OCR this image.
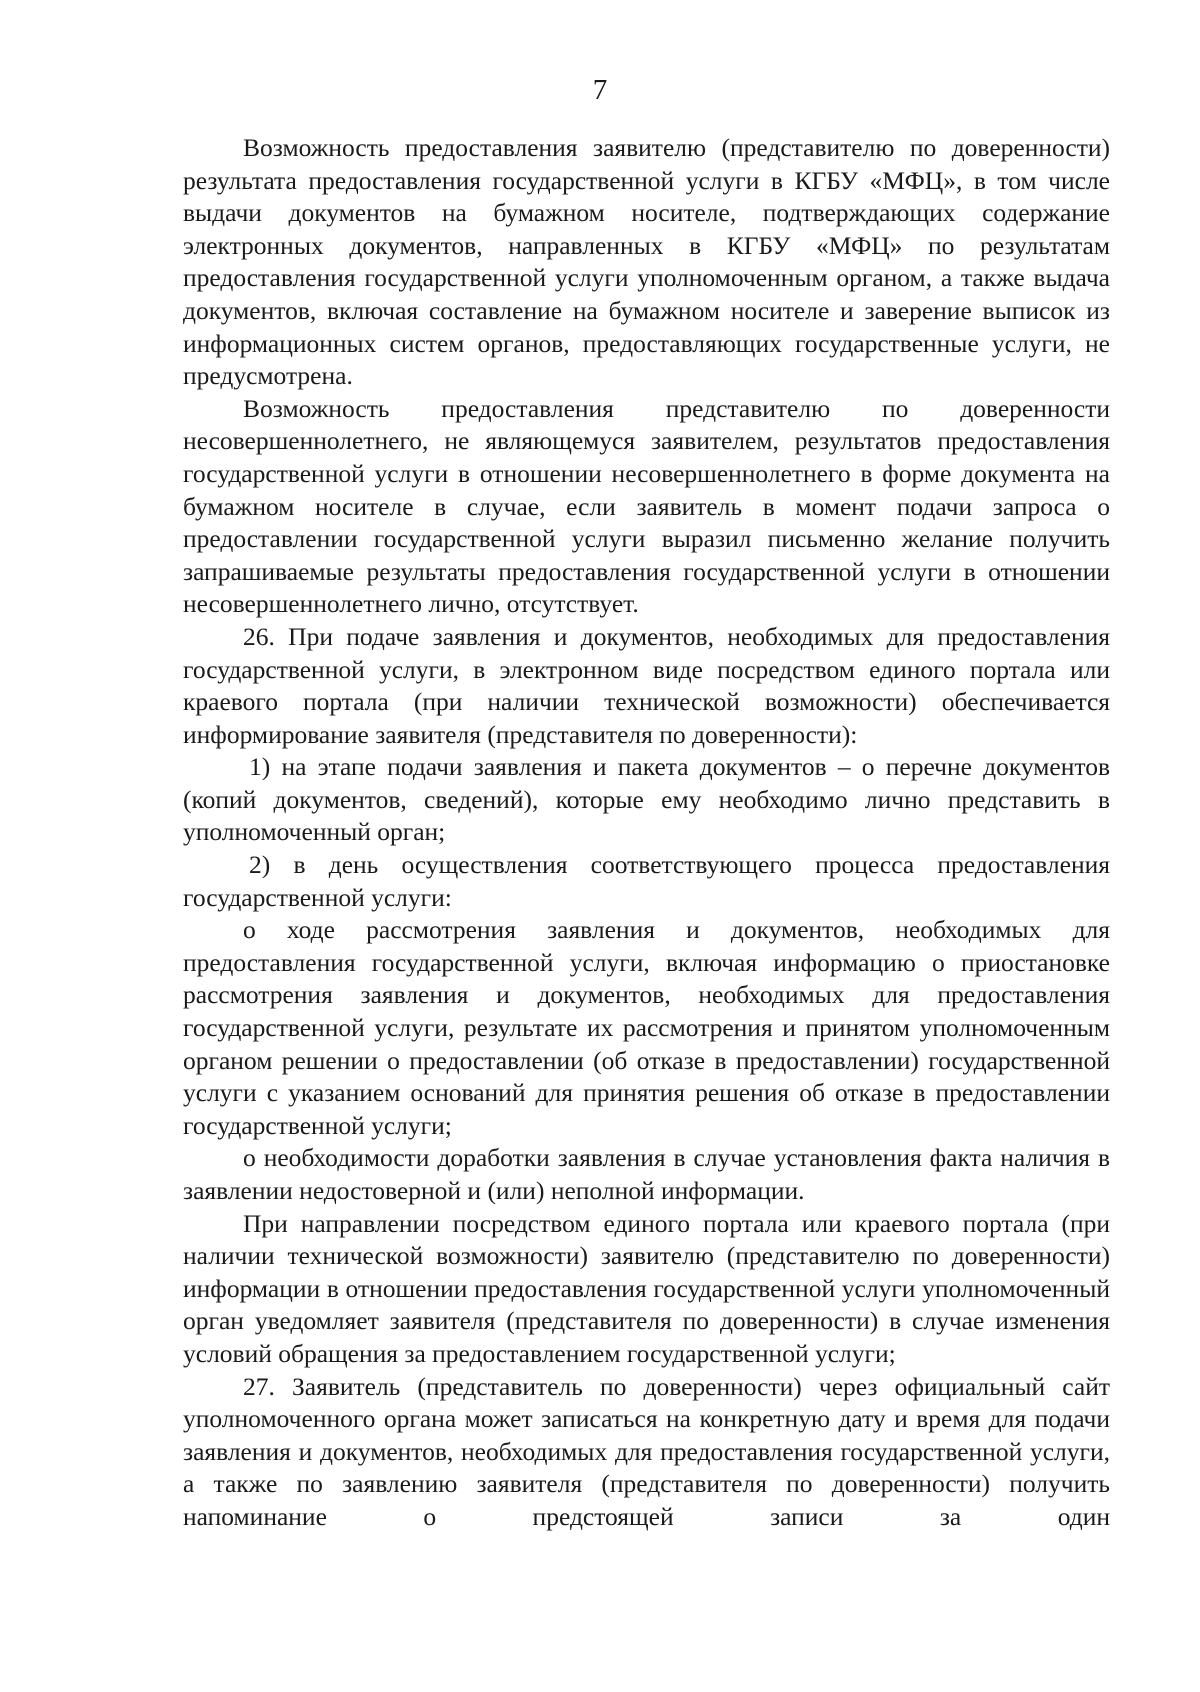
7

Возможность предоставления заявителю (представителю по доверенности) результата предоставления государственной услуги в КГБУ «МФЦ», в том числе выдачи документов на бумажном носителе, подтверждающих содержание электронных документов, направленных в КГБУ «МФЦ» по результатам предоставления государственной услуги уполномоченным органом, а также выдача документов, включая составление на бумажном носителе и заверение выписок из информационных систем органов, предоставляющих государственные услуги, не предусмотрена.

Возможность предоставления представителю по доверенности несовершеннолетнего, не являющемуся заявителем, результатов предоставления государственной услуги в отношении несовершеннолетнего в форме документа на бумажном носителе в случае, если заявитель в момент подачи запроса о предоставлении государственной услуги выразил письменно желание получить запрашиваемые результаты предоставления государственной услуги в отношении несовершеннолетнего лично, отсутствует.

26. При подаче заявления и документов, необходимых для предоставления государственной услуги, в электронном виде посредством единого портала или краевого портала (при наличии технической возможности) обеспечивается информирование заявителя (представителя по доверенности):

1) на этапе подачи заявления и пакета документов – о перечне документов (копий документов, сведений), которые ему необходимо лично представить в уполномоченный орган;

2) в день осуществления соответствующего процесса предоставления государственной услуги:

о ходе рассмотрения заявления и документов, необходимых для предоставления государственной услуги, включая информацию о приостановке рассмотрения заявления и документов, необходимых для предоставления государственной услуги, результате их рассмотрения и принятом уполномоченным органом решении о предоставлении (об отказе в предоставлении) государственной услуги с указанием оснований для принятия решения об отказе в предоставлении государственной услуги;

о необходимости доработки заявления в случае установления факта наличия в заявлении недостоверной и (или) неполной информации.

При направлении посредством единого портала или краевого портала (при наличии технической возможности) заявителю (представителю по доверенности) информации в отношении предоставления государственной услуги уполномоченный орган уведомляет заявителя (представителя по доверенности) в случае изменения условий обращения за предоставлением государственной услуги;

27. Заявитель (представитель по доверенности) через официальный сайт уполномоченного органа может записаться на конкретную дату и время для подачи заявления и документов, необходимых для предоставления государственной услуги, а также по заявлению заявителя (представителя по доверенности) получить напоминание о предстоящей записи за один
